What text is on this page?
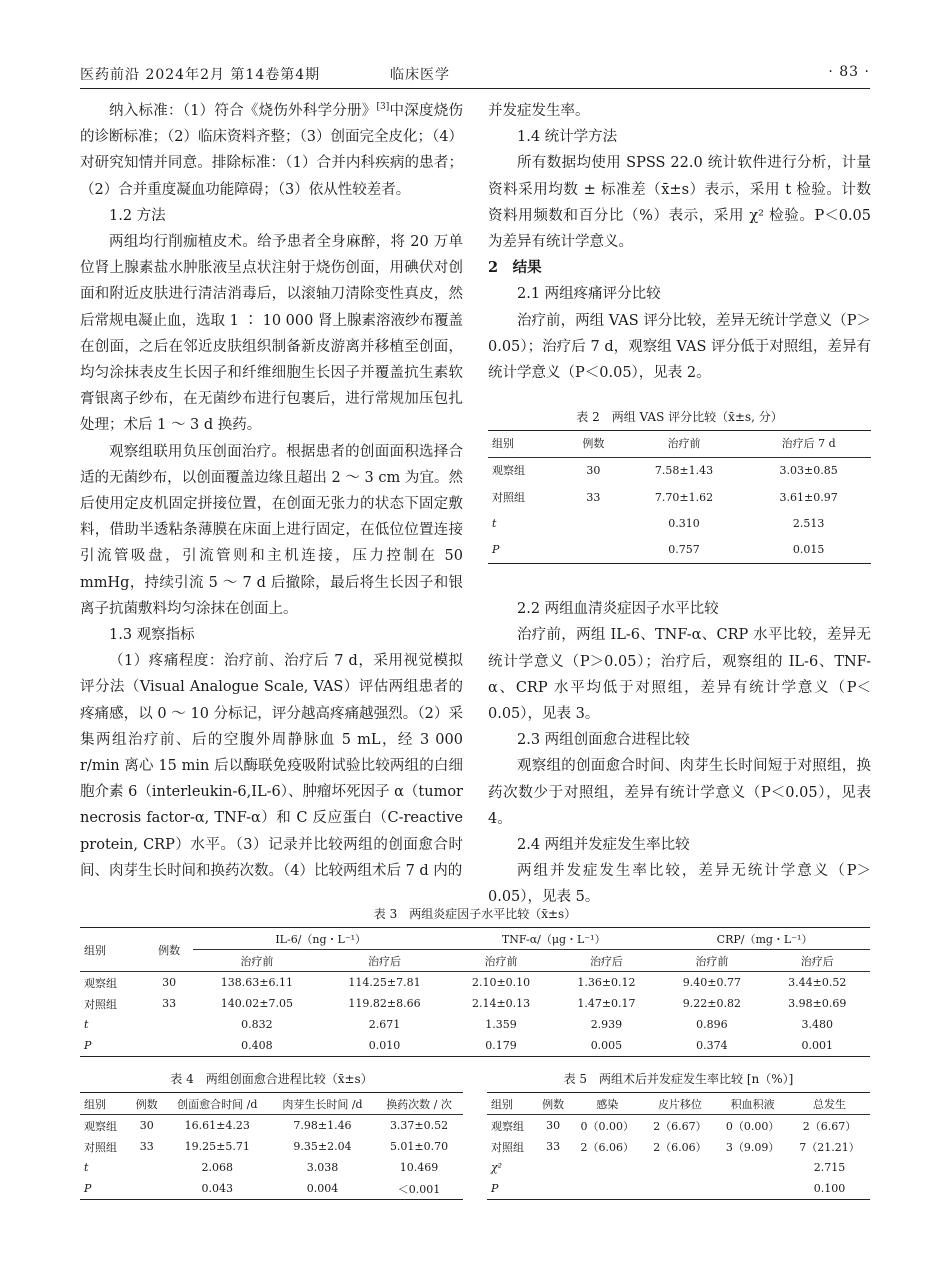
医药前沿 2024年2月 第14卷第4期	临床医学	· 83 ·

纳入标准：（1）符合《烧伤外科学分册》[3]中深度烧伤的诊断标准；（2）临床资料齐整；（3）创面完全皮化；（4）对研究知情并同意。排除标准：（1）合并内科疾病的患者；（2）合并重度凝血功能障碍；（3）依从性较差者。

1.2 方法

两组均行削痂植皮术。给予患者全身麻醉，将 20 万单位肾上腺素盐水肿胀液呈点状注射于烧伤创面，用碘伏对创面和附近皮肤进行清洁消毒后，以滚轴刀清除变性真皮，然后常规电凝止血，选取 1 ∶ 10 000 肾上腺素溶液纱布覆盖在创面，之后在邻近皮肤组织制备新皮游离并移植至创面，均匀涂抹表皮生长因子和纤维细胞生长因子并覆盖抗生素软膏银离子纱布，在无菌纱布进行包裹后，进行常规加压包扎处理；术后 1 ～ 3 d 换药。

观察组联用负压创面治疗。根据患者的创面面积选择合适的无菌纱布，以创面覆盖边缘且超出 2 ～ 3 cm 为宜。然后使用定皮机固定拼接位置，在创面无张力的状态下固定敷料，借助半透粘条薄膜在床面上进行固定，在低位位置连接引流管吸盘，引流管则和主机连接，压力控制在 50 mmHg，持续引流 5 ～ 7 d 后撤除，最后将生长因子和银离子抗菌敷料均匀涂抹在创面上。

1.3 观察指标

（1）疼痛程度：治疗前、治疗后 7 d，采用视觉模拟评分法（Visual Analogue Scale, VAS）评估两组患者的疼痛感，以 0 ～ 10 分标记，评分越高疼痛越强烈。（2）采集两组治疗前、后的空腹外周静脉血 5 mL，经 3 000 r/min 离心 15 min 后以酶联免疫吸附试验比较两组的白细胞介素 6（interleukin-6,IL-6）、肿瘤坏死因子 α（tumor necrosis factor-α, TNF-α）和 C 反应蛋白（C-reactive protein, CRP）水平。（3）记录并比较两组的创面愈合时间、肉芽生长时间和换药次数。（4）比较两组术后 7 d 内的

并发症发生率。

1.4 统计学方法

所有数据均使用 SPSS 22.0 统计软件进行分析，计量资料采用均数 ± 标准差（x̄±s）表示，采用 t 检验。计数资料用频数和百分比（%）表示，采用 χ² 检验。P＜0.05 为差异有统计学意义。

2　结果

2.1 两组疼痛评分比较

治疗前，两组 VAS 评分比较，差异无统计学意义（P＞0.05）；治疗后 7 d，观察组 VAS 评分低于对照组，差异有统计学意义（P＜0.05），见表 2。

表 2　两组 VAS 评分比较（x̄±s, 分）
组别	例数	治疗前	治疗后 7 d
观察组	30	7.58±1.43	3.03±0.85
对照组	33	7.70±1.62	3.61±0.97
t		0.310	2.513
P		0.757	0.015

2.2 两组血清炎症因子水平比较

治疗前，两组 IL-6、TNF-α、CRP 水平比较，差异无统计学意义（P＞0.05）；治疗后，观察组的 IL-6、TNF-α、CRP 水平均低于对照组，差异有统计学意义（P＜0.05），见表 3。

2.3 两组创面愈合进程比较

观察组的创面愈合时间、肉芽生长时间短于对照组，换药次数少于对照组，差异有统计学意义（P＜0.05），见表 4。

2.4 两组并发症发生率比较

两组并发症发生率比较，差异无统计学意义（P＞0.05），见表 5。

表 3　两组炎症因子水平比较（x̄±s）
组别	例数	IL-6/（ng・L⁻¹）		TNF-α/（μg・L⁻¹）		CRP/（mg・L⁻¹）	
		治疗前	治疗后	治疗前	治疗后	治疗前	治疗后
观察组	30	138.63±6.11	114.25±7.81	2.10±0.10	1.36±0.12	9.40±0.77	3.44±0.52
对照组	33	140.02±7.05	119.82±8.66	2.14±0.13	1.47±0.17	9.22±0.82	3.98±0.69
t		0.832	2.671	1.359	2.939	0.896	3.480
P		0.408	0.010	0.179	0.005	0.374	0.001
表 4　两组创面愈合进程比较（x̄±s）
组别	例数	创面愈合时间 /d	肉芽生长时间 /d	换药次数 / 次
观察组	30	16.61±4.23	7.98±1.46	3.37±0.52
对照组	33	19.25±5.71	9.35±2.04	5.01±0.70
t		2.068	3.038	10.469
P		0.043	0.004	＜0.001
表 5　两组术后并发症发生率比较 [n（%）]
组别	例数	感染	皮片移位	积血积液	总发生
观察组	30	0（0.00）	2（6.67）	0（0.00）	2（6.67）
对照组	33	2（6.06）	2（6.06）	3（9.09）	7（21.21）
χ²					2.715
P					0.100
